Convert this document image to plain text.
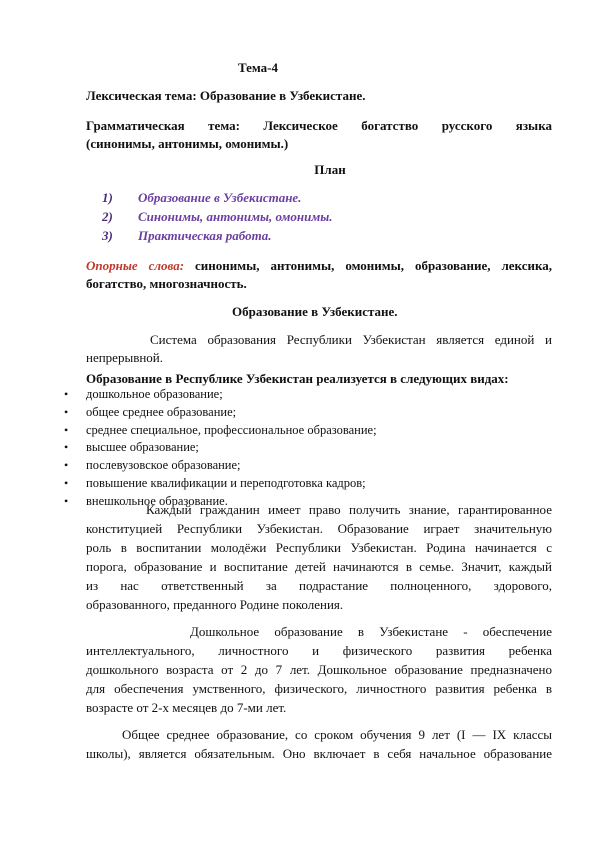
Тема-4
Лексическая тема: Образование в Узбекистане.
Грамматическая тема: Лексическое богатство русского языка
(синонимы, антонимы, омонимы.)
План
1) Образование в Узбекистане.
2) Синонимы, антонимы, омонимы.
3) Практическая работа.
Опорные слова: синонимы, антонимы, омонимы, образование, лексика,
богатство, многозначность.
Образование в Узбекистане.
Система образования Республики Узбекистан является единой и
непрерывной.
Образование в Республике Узбекистан реализуется в следующих видах:
• дошкольное образование;
• общее среднее образование;
• среднее специальное, профессиональное образование;
• высшее образование;
• послевузовское образование;
• повышение квалификации и переподготовка кадров;
• внешкольное образование.
Каждый гражданин имеет право получить знание, гарантированное
конституцией Республики Узбекистан. Образование играет значительную
роль в воспитании молодёжи Республики Узбекистан. Родина начинается с
порога, образование и воспитание детей начинаются в семье. Значит, каждый
из нас ответственный за подрастание полноценного, здорового,
образованного, преданного Родине поколения.
Дошкольное образование в Узбекистане - обеспечение
интеллектуального, личностного и физического развития ребенка
дошкольного возраста от 2 до 7 лет. Дошкольное образование предназначено
для обеспечения умственного, физического, личностного развития ребенка в
возрасте от 2-х месяцев до 7-ми лет.
Общее среднее образование, со сроком обучения 9 лет (I — IX классы
школы), является обязательным. Оно включает в себя начальное образование
